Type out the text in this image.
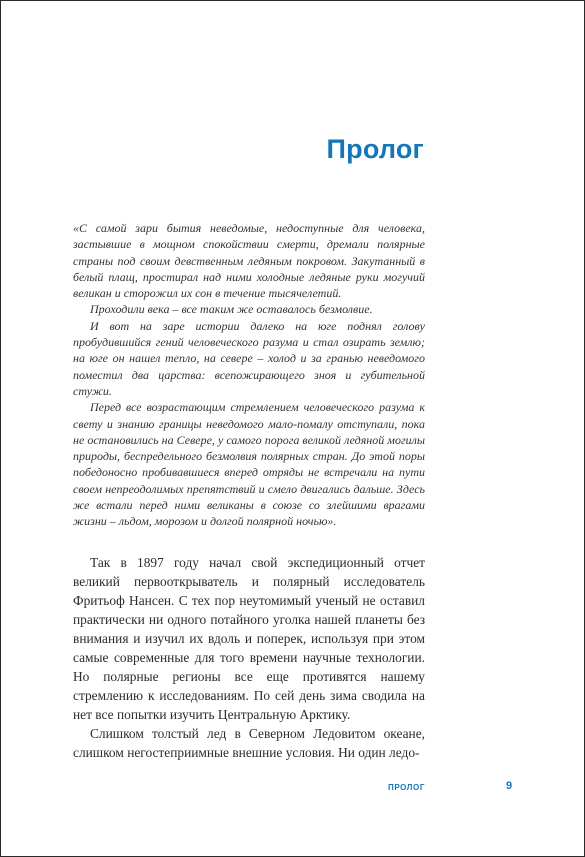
Пролог

«С самой зари бытия неведомые, недоступные для человека, застывшие в мощном спокойствии смерти, дремали полярные страны под своим девственным ледяным покровом. Закутанный в белый плащ, простирал над ними холодные ледяные руки могучий великан и сторожил их сон в течение тысячелетий.

Проходили века – все таким же оставалось безмолвие.

И вот на заре истории далеко на юге поднял голову пробудившийся гений человеческого разума и стал озирать землю; на юге он нашел тепло, на севере – холод и за гранью неведомого поместил два царства: всепожирающего зноя и губительной стужи.

Перед все возрастающим стремлением человеческого разума к свету и знанию границы неведомого мало-помалу отступали, пока не остановились на Севере, у самого порога великой ледяной могилы природы, беспредельного безмолвия полярных стран. До этой поры победоносно пробивавшиеся вперед отряды не встречали на пути своем непреодолимых препятствий и смело двигались дальше. Здесь же встали перед ними великаны в союзе со злейшими врагами жизни – льдом, морозом и долгой полярной ночью».

Так в 1897 году начал свой экспедиционный отчет великий первооткрыватель и полярный исследователь Фритьоф Нансен. С тех пор неутомимый ученый не оставил практически ни одного потайного уголка нашей планеты без внимания и изучил их вдоль и поперек, используя при этом самые современные для того времени научные технологии. Но полярные регионы все еще противятся нашему стремлению к исследованиям. По сей день зима сводила на нет все попытки изучить Центральную Арктику.

Слишком толстый лед в Северном Ледовитом океане, слишком негостеприимные внешние условия. Ни один ледо-

ПРОЛОГ	9
